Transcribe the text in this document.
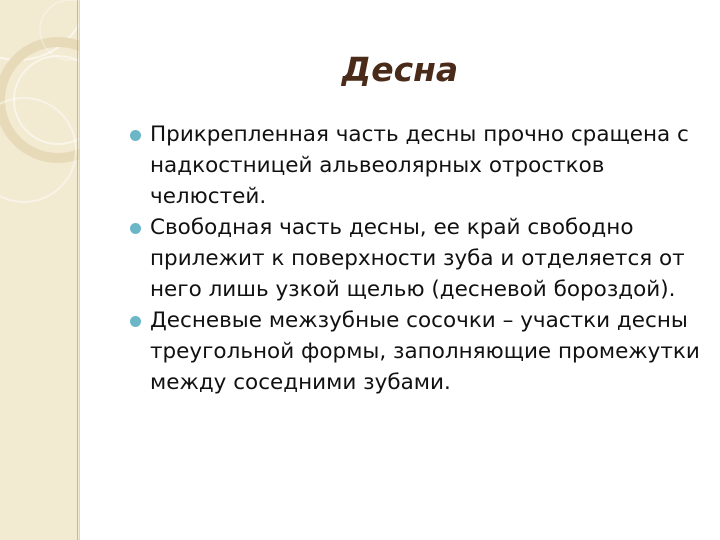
Десна
Прикрепленная часть десны прочно сращена с надкостницей альвеолярных отростков челюстей.
Свободная часть десны, ее край свободно прилежит к поверхности зуба и отделяется от него лишь узкой щелью (десневой бороздой).
Десневые межзубные сосочки – участки десны треугольной формы, заполняющие промежутки между соседними зубами.
